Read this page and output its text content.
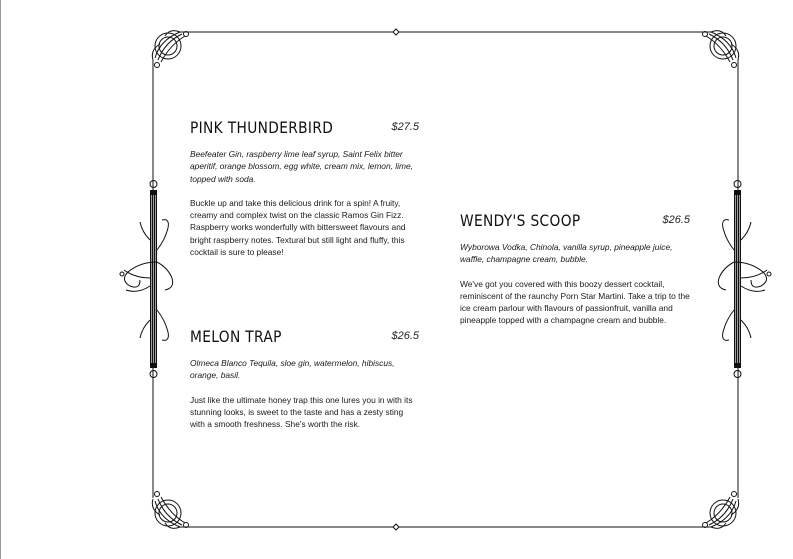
PINK THUNDERBIRD	$27.5

Beefeater Gin, raspberry lime leaf syrup, Saint Felix bitter aperitif, orange blossom, egg white, cream mix, lemon, lime, topped with soda.

Buckle up and take this delicious drink for a spin! A fruity, creamy and complex twist on the classic Ramos Gin Fizz. Raspberry works wonderfully with bittersweet flavours and bright raspberry notes. Textural but still light and fluffy, this cocktail is sure to please!

MELON TRAP	$26.5

Olmeca Blanco Tequila, sloe gin, watermelon, hibiscus, orange, basil.

Just like the ultimate honey trap this one lures you in with its stunning looks, is sweet to the taste and has a zesty sting with a smooth freshness. She's worth the risk.

WENDY'S SCOOP	$26.5

Wyborowa Vodka, Chinola, vanilla syrup, pineapple juice, waffle, champagne cream, bubble.

We've got you covered with this boozy dessert cocktail, reminiscent of the raunchy Porn Star Martini. Take a trip to the ice cream parlour with flavours of passionfruit, vanilla and pineapple topped with a champagne cream and bubble.
